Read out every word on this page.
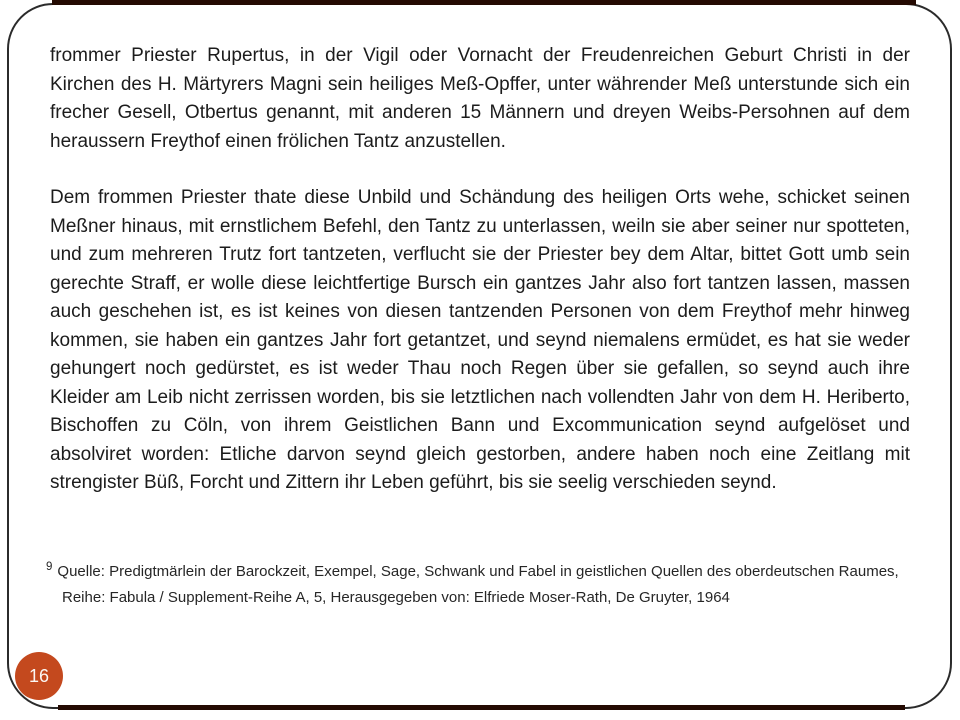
frommer Priester Rupertus, in der Vigil oder Vornacht der Freudenreichen Geburt Christi in der Kirchen des H. Märtyrers Magni sein heiliges Meß-Opffer, unter währender Meß unterstunde sich ein frecher Gesell, Otbertus genannt, mit anderen 15 Männern und dreyen Weibs-Persohnen auf dem heraussern Freythof einen frölichen Tantz anzustellen.

Dem frommen Priester thate diese Unbild und Schändung des heiligen Orts wehe, schicket seinen Meßner hinaus, mit ernstlichem Befehl, den Tantz zu unterlassen, weiln sie aber seiner nur spotteten, und zum mehreren Trutz fort tantzeten, verflucht sie der Priester bey dem Altar, bittet Gott umb sein gerechte Straff, er wolle diese leichtfertige Bursch ein gantzes Jahr also fort tantzen lassen, massen auch geschehen ist, es ist keines von diesen tantzenden Personen von dem Freythof mehr hinweg kommen, sie haben ein gantzes Jahr fort getantzet, und seynd niemalens ermüdet, es hat sie weder gehungert noch gedürstet, es ist weder Thau noch Regen über sie gefallen, so seynd auch ihre Kleider am Leib nicht zerrissen worden, bis sie letztlichen nach vollendten Jahr von dem H. Heriberto, Bischoffen zu Cöln, von ihrem Geistlichen Bann und Excommunication seynd aufgelöset und absolviret worden: Etliche darvon seynd gleich gestorben, andere haben noch eine Zeitlang mit strengister Büß, Forcht und Zittern ihr Leben geführt, bis sie seelig verschieden seynd.

$^9$ Quelle: Predigtmärlein der Barockzeit, Exempel, Sage, Schwank und Fabel in geistlichen Quellen des oberdeutschen Raumes, Reihe: Fabula / Supplement-Reihe A, 5, Herausgegeben von: Elfriede Moser-Rath, De Gruyter, 1964
16
